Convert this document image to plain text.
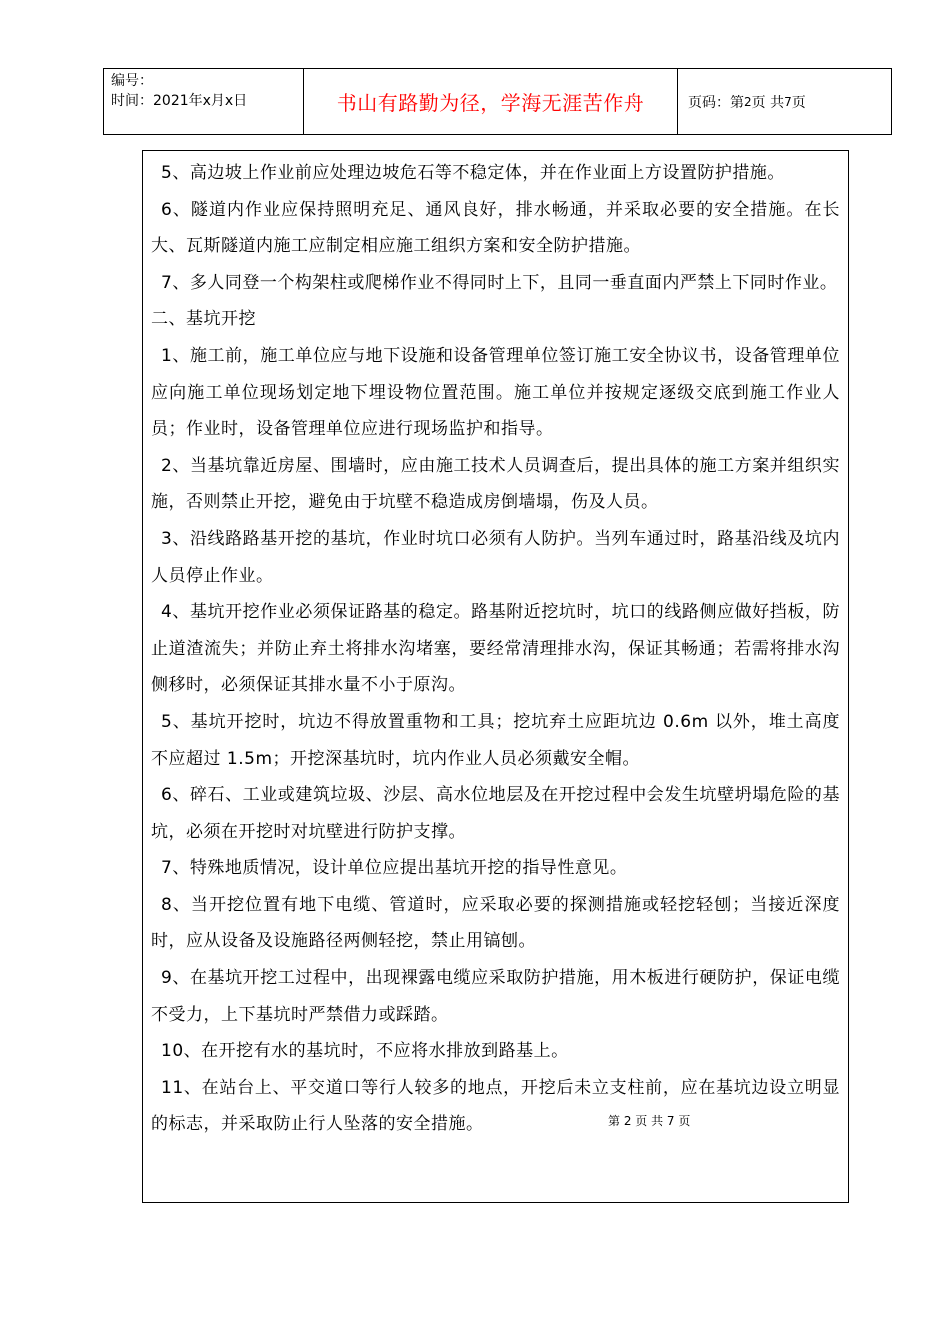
编号：
时间：2021年x月x日	书山有路勤为径，学海无涯苦作舟	页码：第 2 页 共 7 页

5、高边坡上作业前应处理边坡危石等不稳定体，并在作业面上方设置防护措施。

6、隧道内作业应保持照明充足、通风良好，排水畅通，并采取必要的安全措施。在长大、瓦斯隧道内施工应制定相应施工组织方案和安全防护措施。

7、多人同登一个构架柱或爬梯作业不得同时上下，且同一垂直面内严禁上下同时作业。

二、基坑开挖

1、施工前，施工单位应与地下设施和设备管理单位签订施工安全协议书，设备管理单位应向施工单位现场划定地下埋设物位置范围。施工单位并按规定逐级交底到施工作业人员；作业时，设备管理单位应进行现场监护和指导。

2、当基坑靠近房屋、围墙时，应由施工技术人员调查后，提出具体的施工方案并组织实施，否则禁止开挖，避免由于坑壁不稳造成房倒墙塌，伤及人员。

3、沿线路路基开挖的基坑，作业时坑口必须有人防护。当列车通过时，路基沿线及坑内人员停止作业。

4、基坑开挖作业必须保证路基的稳定。路基附近挖坑时，坑口的线路侧应做好挡板，防止道渣流失；并防止弃土将排水沟堵塞，要经常清理排水沟，保证其畅通；若需将排水沟侧移时，必须保证其排水量不小于原沟。

5、基坑开挖时，坑边不得放置重物和工具；挖坑弃土应距坑边 0.6m 以外，堆土高度不应超过 1.5m；开挖深基坑时，坑内作业人员必须戴安全帽。

6、碎石、工业或建筑垃圾、沙层、高水位地层及在开挖过程中会发生坑壁坍塌危险的基坑，必须在开挖时对坑壁进行防护支撑。

7、特殊地质情况，设计单位应提出基坑开挖的指导性意见。

8、当开挖位置有地下电缆、管道时，应采取必要的探测措施或轻挖轻刨；当接近深度时，应从设备及设施路径两侧轻挖，禁止用镐刨。

9、在基坑开挖工过程中，出现裸露电缆应采取防护措施，用木板进行硬防护，保证电缆不受力，上下基坑时严禁借力或踩踏。

10、在开挖有水的基坑时，不应将水排放到路基上。

11、在站台上、平交道口等行人较多的地点，开挖后未立支柱前，应在基坑边设立明显的标志，并采取防止行人坠落的安全措施。	第 2 页 共 7 页
